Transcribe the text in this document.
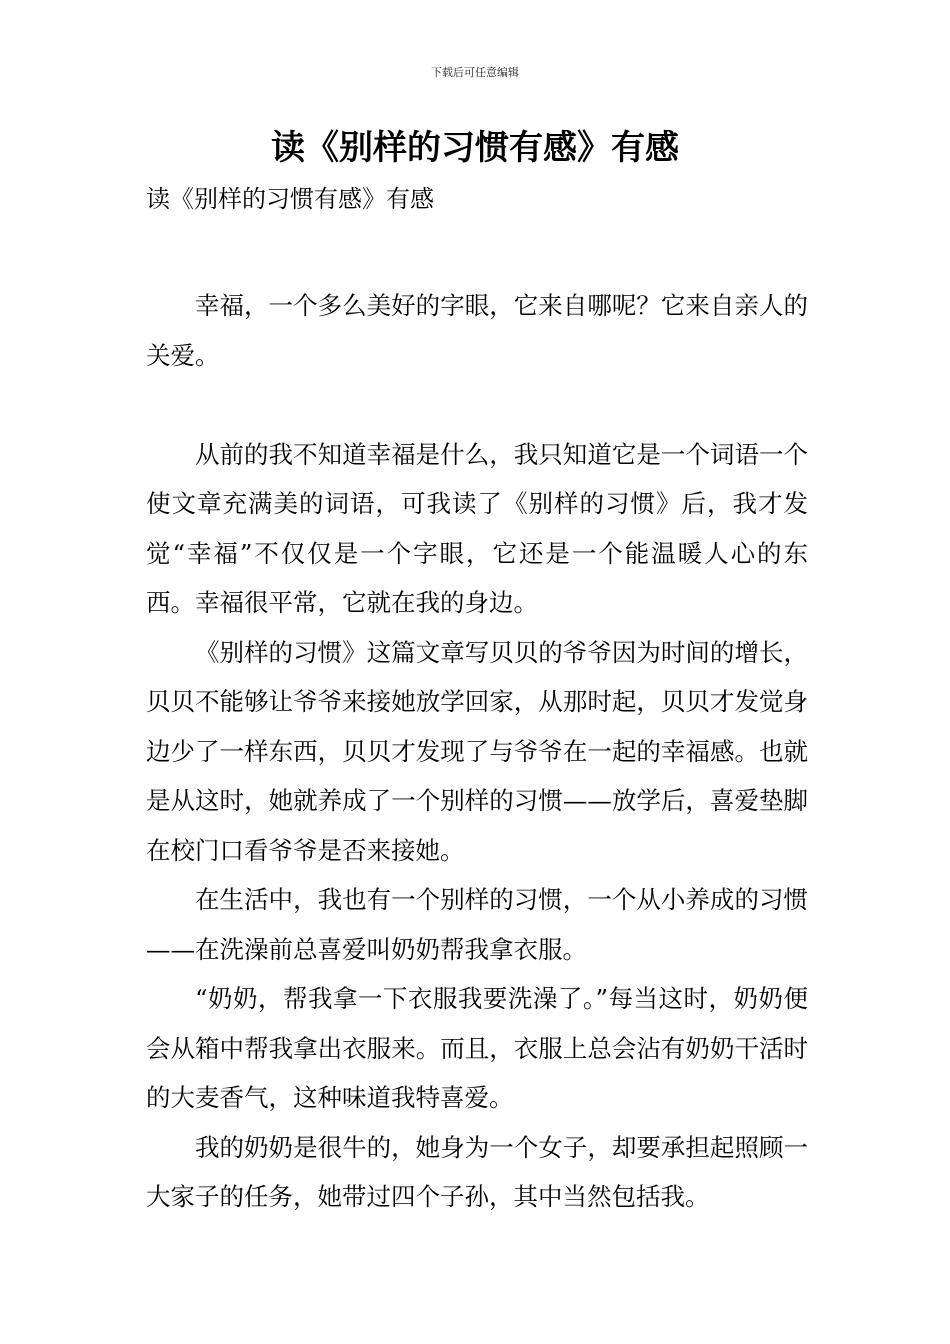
下载后可任意编辑
读《别样的习惯有感》有感
读《别样的习惯有感》有感

幸福，一个多么美好的字眼，它来自哪呢？它来自亲人的关爱。

从前的我不知道幸福是什么，我只知道它是一个词语一个使文章充满美的词语，可我读了《别样的习惯》后，我才发觉“幸福”不仅仅是一个字眼，它还是一个能温暖人心的东西。幸福很平常，它就在我的身边。

《别样的习惯》这篇文章写贝贝的爷爷因为时间的增长，贝贝不能够让爷爷来接她放学回家，从那时起，贝贝才发觉身边少了一样东西，贝贝才发现了与爷爷在一起的幸福感。也就是从这时，她就养成了一个别样的习惯——放学后，喜爱垫脚在校门口看爷爷是否来接她。

在生活中，我也有一个别样的习惯，一个从小养成的习惯——在洗澡前总喜爱叫奶奶帮我拿衣服。

“奶奶，帮我拿一下衣服我要洗澡了。”每当这时，奶奶便会从箱中帮我拿出衣服来。而且，衣服上总会沾有奶奶干活时的大麦香气，这种味道我特喜爱。

我的奶奶是很牛的，她身为一个女子，却要承担起照顾一大家子的任务，她带过四个子孙，其中当然包括我。
